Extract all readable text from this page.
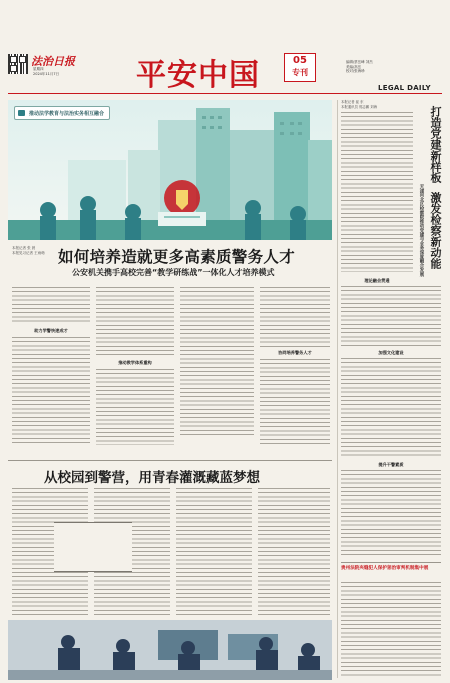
法治日报
星期四
2024年11月7日	平安中国	05
专刊
编辑/蔡岳峰 刘杰
美编/高岳
校对/张海珍
LEGAL DAILY
推动法学教育与法治实务相互融合
本报记者 张 晨
本报见习记者 王雨萌 如何培养造就更多高素质警务人才
公安机关携手高校完善“教学研练战”一体化人才培养模式
助力学警快速成才
推动教学体系重构
协同培养警务人才
从校园到警营，用青春灌溉藏蓝梦想
本报记者 崔 东
本报通讯员 郭志鹏 刘海	打造党建新样板
激发检察新动能
天津河北区检察院推动党建与业务深度融合发展
理论融会贯通
加强文化建设
提升干警素质
贵州法院夹缝犯人保护惩治审判机制集中展
